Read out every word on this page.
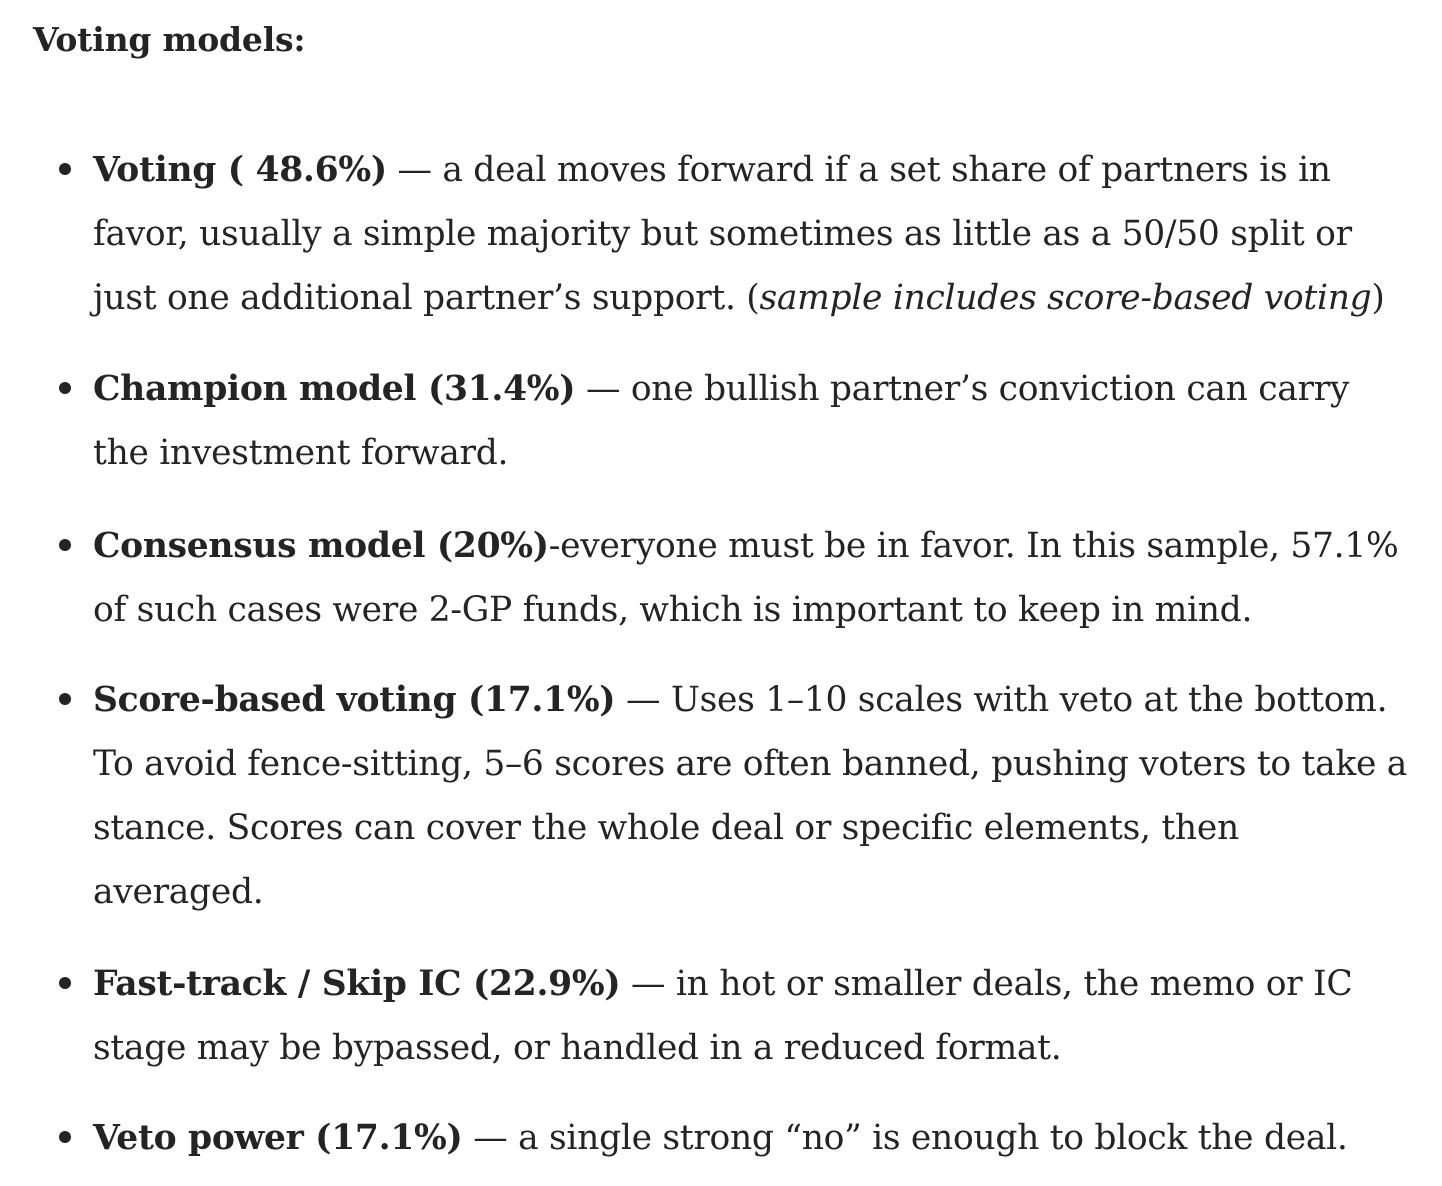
Voting models:
Voting ( 48.6%) — a deal moves forward if a set share of partners is in favor, usually a simple majority but sometimes as little as a 50/50 split or just one additional partner’s support. (sample includes score-based voting)
Champion model (31.4%) — one bullish partner’s conviction can carry the investment forward.
Consensus model (20%)-everyone must be in favor. In this sample, 57.1% of such cases were 2-GP funds, which is important to keep in mind.
Score-based voting (17.1%) — Uses 1–10 scales with veto at the bottom. To avoid fence-sitting, 5–6 scores are often banned, pushing voters to take a stance. Scores can cover the whole deal or specific elements, then averaged.
Fast-track / Skip IC (22.9%) — in hot or smaller deals, the memo or IC stage may be bypassed, or handled in a reduced format.
Veto power (17.1%) — a single strong “no” is enough to block the deal.
